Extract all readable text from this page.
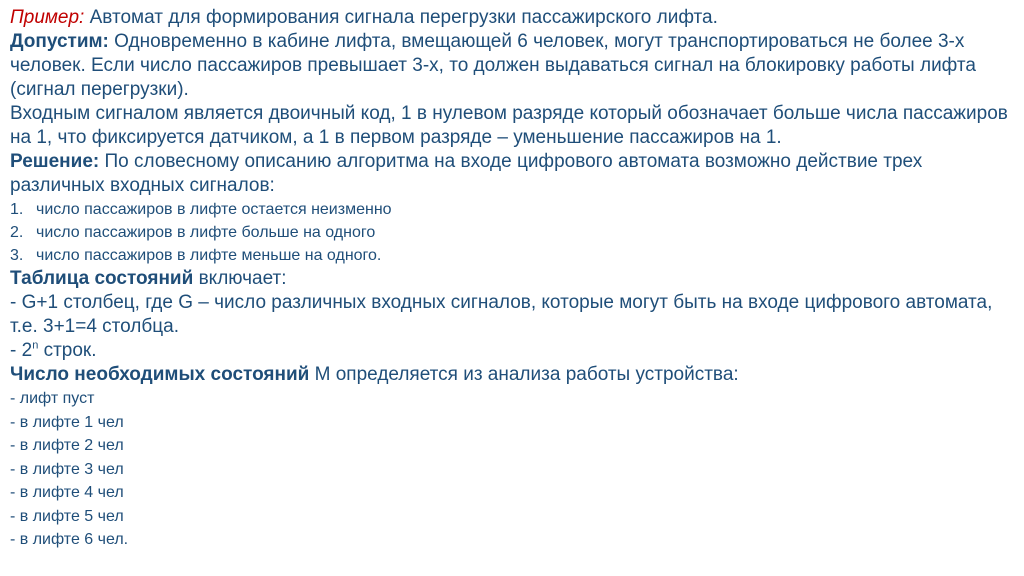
Пример: Автомат для формирования сигнала перегрузки пассажирского лифта.

Допустим: Одновременно в кабине лифта, вмещающей 6 человек, могут транспортироваться не более 3-х человек. Если число пассажиров превышает 3-х, то должен выдаваться сигнал на блокировку работы лифта (сигнал перегрузки).

Входным сигналом является двоичный код, 1 в нулевом разряде который обозначает больше числа пассажиров на 1, что фиксируется датчиком, а 1 в первом разряде – уменьшение пассажиров на 1.

Решение: По словесному описанию алгоритма на входе цифрового автомата возможно действие трех различных входных сигналов:

1. число пассажиров в лифте остается неизменно
2. число пассажиров в лифте больше на одного
3. число пассажиров в лифте меньше на одного.

Таблица состояний включает:

- G+1 столбец, где G – число различных входных сигналов, которые могут быть на входе цифрового автомата, т.е. 3+1=4 столбца.

- 2$^n$ строк.

Число необходимых состояний М определяется из анализа работы устройства:

- лифт пуст

- в лифте 1 чел

- в лифте 2 чел

- в лифте 3 чел

- в лифте 4 чел

- в лифте 5 чел

- в лифте 6 чел.
